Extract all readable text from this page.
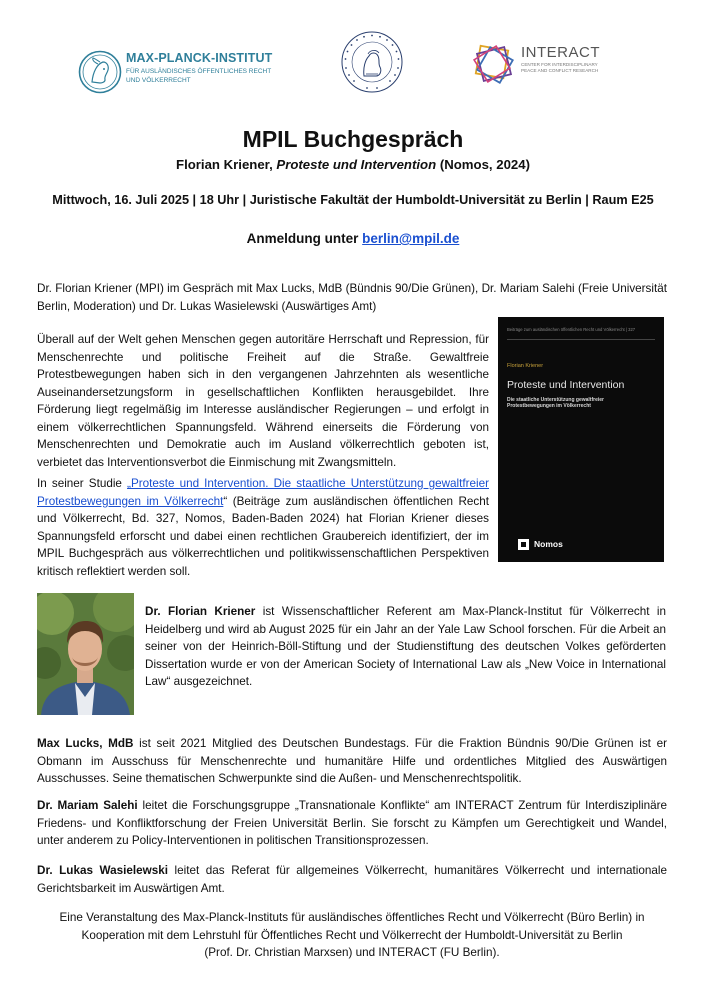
MAX-PLANCK-INSTITUT
FÜR AUSLÄNDISCHES ÖFFENTLICHES RECHT
UND VÖLKERRECHT
INTERACT
CENTER FOR INTERDISCIPLINARY
PEACE AND CONFLICT RESEARCH
MPIL Buchgespräch
Florian Kriener, Proteste und Intervention (Nomos, 2024)
Mittwoch, 16. Juli 2025 | 18 Uhr | Juristische Fakultät der Humboldt-Universität zu Berlin | Raum E25
Anmeldung unter berlin@mpil.de
Dr. Florian Kriener (MPI) im Gespräch mit Max Lucks, MdB (Bündnis 90/Die Grünen), Dr. Mariam Salehi (Freie Universität Berlin, Moderation) und Dr. Lukas Wasielewski (Auswärtiges Amt)
Überall auf der Welt gehen Menschen gegen autoritäre Herrschaft und Repression, für Menschenrechte und politische Freiheit auf die Straße. Gewaltfreie Protestbewegungen haben sich in den vergangenen Jahrzehnten als wesentliche Auseinandersetzungsform in gesellschaftlichen Konflikten herausgebildet. Ihre Förderung liegt regelmäßig im Interesse ausländischer Regierungen – und erfolgt in einem völkerrechtlichen Spannungsfeld. Während einerseits die Förderung von Menschenrechten und Demokratie auch im Ausland völkerrechtlich geboten ist, verbietet das Interventionsverbot die Einmischung mit Zwangsmitteln.
In seiner Studie „Proteste und Intervention. Die staatliche Unterstützung gewaltfreier Protestbewegungen im Völkerrecht“ (Beiträge zum ausländischen öffentlichen Recht und Völkerrecht, Bd. 327, Nomos, Baden-Baden 2024) hat Florian Kriener dieses Spannungsfeld erforscht und dabei einen rechtlichen Graubereich identifiziert, der im MPIL Buchgespräch aus völkerrechtlichen und politikwissenschaftlichen Perspektiven kritisch reflektiert werden soll.
Beiträge zum ausländischen öffentlichen Recht und Völkerrecht | 327
Florian Kriener
Proteste und Intervention
Die staatliche Unterstützung gewaltfreier Protestbewegungen im Völkerrecht
Nomos
Dr. Florian Kriener ist Wissenschaftlicher Referent am Max-Planck-Institut für Völkerrecht in Heidelberg und wird ab August 2025 für ein Jahr an der Yale Law School forschen. Für die Arbeit an seiner von der Heinrich-Böll-Stiftung und der Studienstiftung des deutschen Volkes geförderten Dissertation wurde er von der American Society of International Law als „New Voice in International Law“ ausgezeichnet.
Max Lucks, MdB ist seit 2021 Mitglied des Deutschen Bundestags. Für die Fraktion Bündnis 90/Die Grünen ist er Obmann im Ausschuss für Menschenrechte und humanitäre Hilfe und ordentliches Mitglied des Auswärtigen Ausschusses. Seine thematischen Schwerpunkte sind die Außen- und Menschenrechtspolitik.
Dr. Mariam Salehi leitet die Forschungsgruppe „Transnationale Konflikte“ am INTERACT Zentrum für Interdisziplinäre Friedens- und Konfliktforschung der Freien Universität Berlin. Sie forscht zu Kämpfen um Gerechtigkeit und Wandel, unter anderem zu Policy-Interventionen in politischen Transitionsprozessen.
Dr. Lukas Wasielewski leitet das Referat für allgemeines Völkerrecht, humanitäres Völkerrecht und internationale Gerichtsbarkeit im Auswärtigen Amt.
Eine Veranstaltung des Max-Planck-Instituts für ausländisches öffentliches Recht und Völkerrecht (Büro Berlin) in
Kooperation mit dem Lehrstuhl für Öffentliches Recht und Völkerrecht der Humboldt-Universität zu Berlin
(Prof. Dr. Christian Marxsen) und INTERACT (FU Berlin).
